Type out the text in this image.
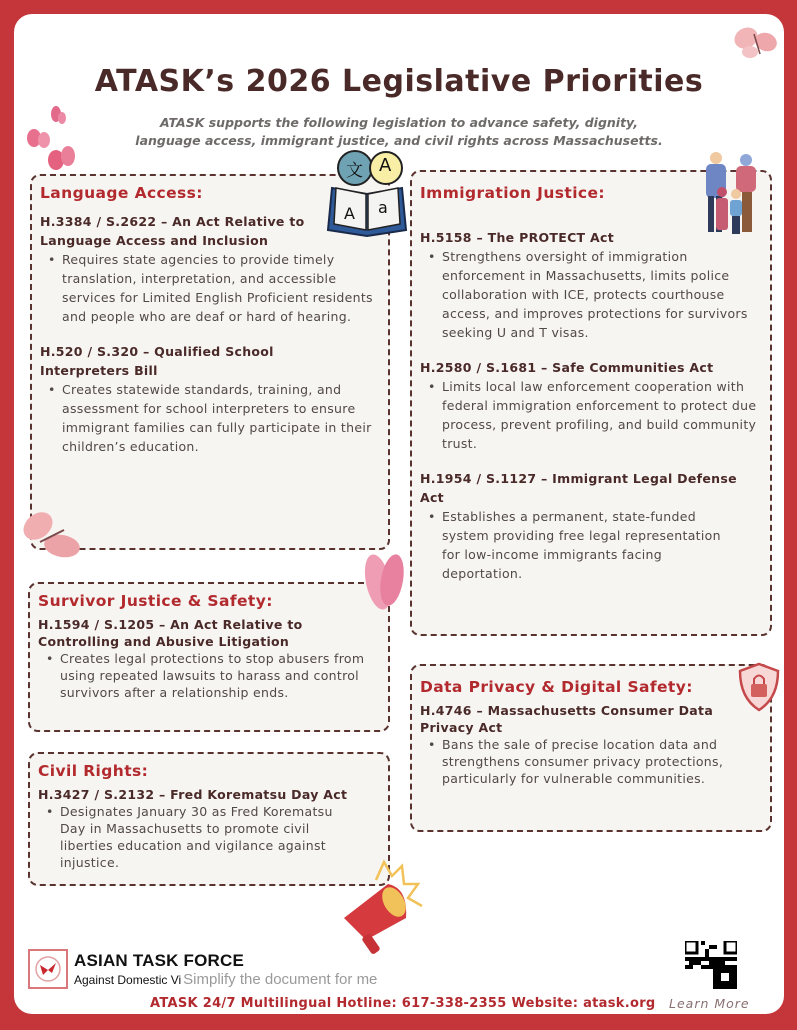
ATASK’s 2026 Legislative Priorities
ATASK supports the following legislation to advance safety, dignity,
language access, immigrant justice, and civil rights across Massachusetts.
Language Access:
H.3384 / S.2622 – An Act Relative to Language Access and Inclusion
• Requires state agencies to provide timely translation, interpretation, and accessible services for Limited English Proficient residents and people who are deaf or hard of hearing.
H.520 / S.320 – Qualified School Interpreters Bill
• Creates statewide standards, training, and assessment for school interpreters to ensure immigrant families can fully participate in their children’s education.
文 A
A a
Survivor Justice & Safety:
H.1594 / S.1205 – An Act Relative to Controlling and Abusive Litigation
• Creates legal protections to stop abusers from using repeated lawsuits to harass and control survivors after a relationship ends.
Civil Rights:
H.3427 / S.2132 – Fred Korematsu Day Act
• Designates January 30 as Fred Korematsu Day in Massachusetts to promote civil liberties education and vigilance against injustice.
Immigration Justice:
H.5158 – The PROTECT Act
• Strengthens oversight of immigration enforcement in Massachusetts, limits police collaboration with ICE, protects courthouse access, and improves protections for survivors seeking U and T visas.
H.2580 / S.1681 – Safe Communities Act
• Limits local law enforcement cooperation with federal immigration enforcement to protect due process, prevent profiling, and build community trust.
H.1954 / S.1127 – Immigrant Legal Defense Act
• Establishes a permanent, state-funded system providing free legal representation for low-income immigrants facing deportation.
Data Privacy & Digital Safety:
H.4746 – Massachusetts Consumer Data Privacy Act
• Bans the sale of precise location data and strengthens consumer privacy protections, particularly for vulnerable communities.
ASIAN TASK FORCE
Against Domestic Vi Simplify the document for me
ATASK 24/7 Multilingual Hotline: 617-338-2355 Website: atask.org Learn More
